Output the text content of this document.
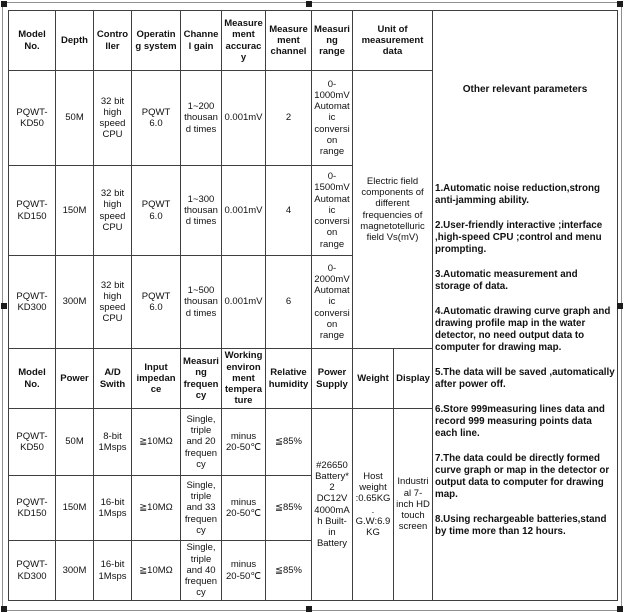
Model No.	Depth	Controller	Operating system	Channel gain	Measurement accuracy	Measurement channel	Measuring range	Unit of measurement data	
Other relevant parameters

1.Automatic noise reduction,strong anti-jamming ability.

2.User-friendly interactive ;interface ,high-speed CPU ;control and menu prompting.

3.Automatic measurement and storage of data.

4.Automatic drawing curve graph and drawing profile map in the water detector, no need output data to computer for drawing map.

5.The data will be saved ,automatically after power off.

6.Store 999measuring lines data and record 999 measuring points data each line.

7.The data could be directly formed curve graph or map in the detector or output data to computer for drawing map.

8.Using rechargeable batteries,stand by time more than 12 hours.

PQWT-KD50	50M	32 bit high speed CPU	PQWT 6.0	1~200 thousand times	0.001mV	2	0-1000mV Automatic conversion range	Electric field components of different frequencies of magnetotelluric field Vs(mV)		
PQWT-KD150	150M	32 bit high speed CPU	PQWT 6.0	1~300 thousand times	0.001mV	4	0-1500mV Automatic conversion range			
PQWT-KD300	300M	32 bit high speed CPU	PQWT 6.0	1~500 thousand times	0.001mV	6	0-2000mV Automatic conversion range			
Model No.	Power	A/D Swith	Input impedance	Measuring frequency	Working environment temperature	Relative humidity	Power Supply	Weight	Display	
PQWT-KD50	50M	8-bit 1Msps	≧10MΩ	Single, triple and 20 frequency	minus 20-50℃	≦85%	#26650 Battery*2 DC12V 4000mAh Built-in Battery	Host weight :0.65KG . G.W:6.9 KG	Industrial 7-inch HD touch screen	
PQWT-KD150	150M	16-bit 1Msps	≧10MΩ	Single, triple and 33 frequency	minus 20-50℃	≦85%				
PQWT-KD300	300M	16-bit 1Msps	≧10MΩ	Single, triple and 40 frequency	minus 20-50℃	≦85%				
